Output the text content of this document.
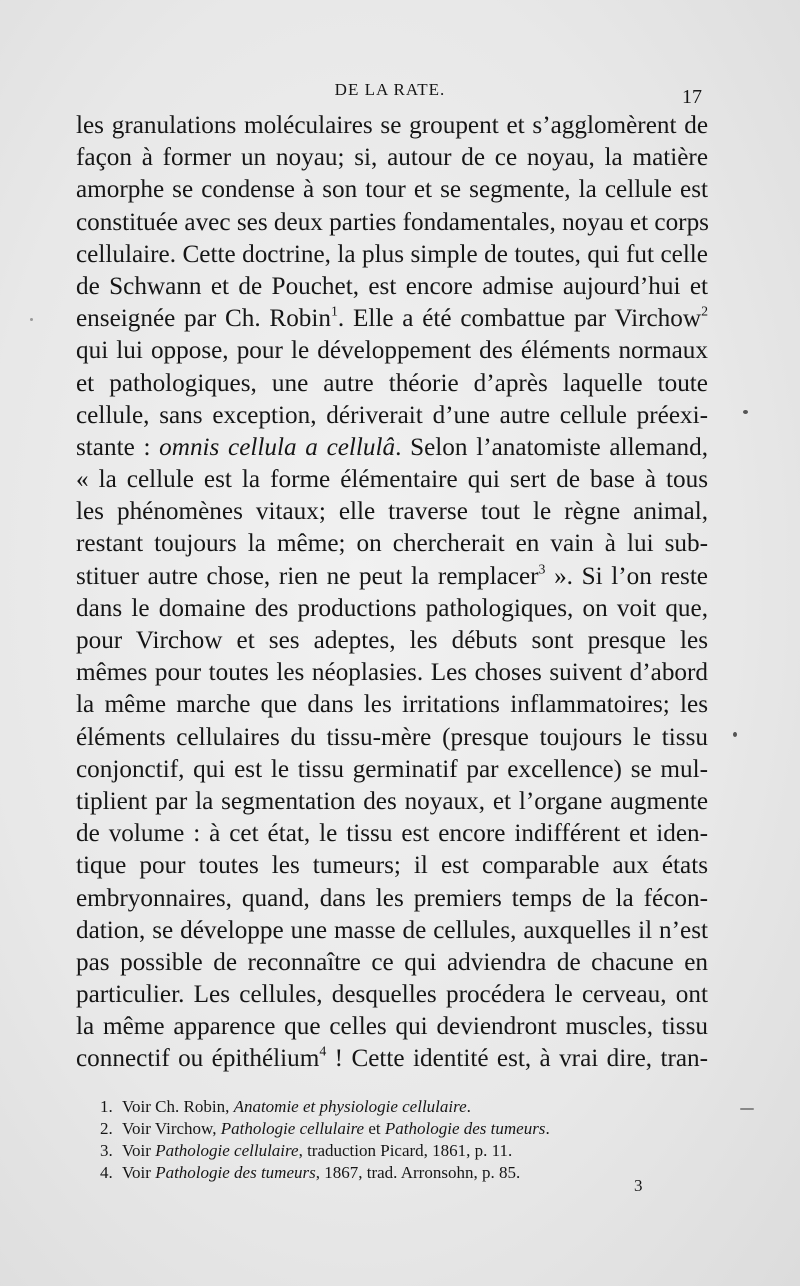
DE LA RATE.	17
les granulations moléculaires se groupent et s’agglomèrent de
façon à former un noyau; si, autour de ce noyau, la matière
amorphe se condense à son tour et se segmente, la cellule est
constituée avec ses deux parties fondamentales, noyau et corps
cellulaire. Cette doctrine, la plus simple de toutes, qui fut celle
de Schwann et de Pouchet, est encore admise aujourd’hui et
enseignée par Ch. Robin$^1$. Elle a été combattue par Virchow$^2$
qui lui oppose, pour le développement des éléments normaux
et pathologiques, une autre théorie d’après laquelle toute
cellule, sans exception, dériverait d’une autre cellule préexi-
stante : omnis cellula a cellulâ. Selon l’anatomiste allemand,
« la cellule est la forme élémentaire qui sert de base à tous
les phénomènes vitaux; elle traverse tout le règne animal,
restant toujours la même; on chercherait en vain à lui sub-
stituer autre chose, rien ne peut la remplacer$^3$ ». Si l’on reste
dans le domaine des productions pathologiques, on voit que,
pour Virchow et ses adeptes, les débuts sont presque les
mêmes pour toutes les néoplasies. Les choses suivent d’abord
la même marche que dans les irritations inflammatoires; les
éléments cellulaires du tissu-mère (presque toujours le tissu
conjonctif, qui est le tissu germinatif par excellence) se mul-
tiplient par la segmentation des noyaux, et l’organe augmente
de volume : à cet état, le tissu est encore indifférent et iden-
tique pour toutes les tumeurs; il est comparable aux états
embryonnaires, quand, dans les premiers temps de la fécon-
dation, se développe une masse de cellules, auxquelles il n’est
pas possible de reconnaître ce qui adviendra de chacune en
particulier. Les cellules, desquelles procédera le cerveau, ont
la même apparence que celles qui deviendront muscles, tissu
connectif ou épithélium$^4$ ! Cette identité est, à vrai dire, tran-
1. Voir Ch. Robin, Anatomie et physiologie cellulaire.
2. Voir Virchow, Pathologie cellulaire et Pathologie des tumeurs.
3. Voir Pathologie cellulaire, traduction Picard, 1861, p. 11.
4. Voir Pathologie des tumeurs, 1867, trad. Arronsohn, p. 85.
3
